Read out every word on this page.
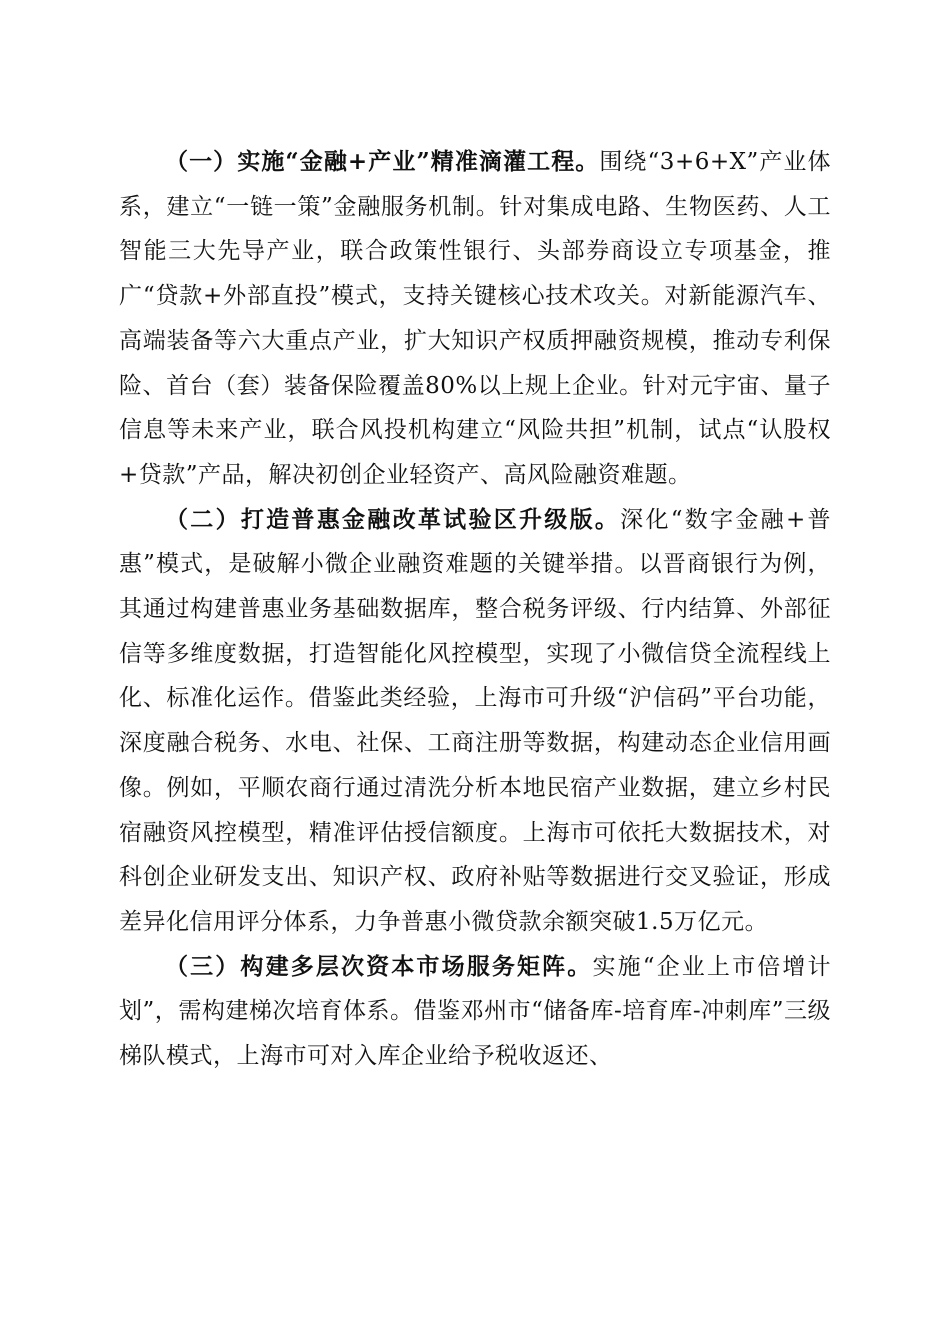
（一）实施“金融+产业”精准滴灌工程。围绕“3+6+X”产业体系，建立“一链一策”金融服务机制。针对集成电路、生物医药、人工智能三大先导产业，联合政策性银行、头部券商设立专项基金，推广“贷款+外部直投”模式，支持关键核心技术攻关。对新能源汽车、高端装备等六大重点产业，扩大知识产权质押融资规模，推动专利保险、首台（套）装备保险覆盖80%以上规上企业。针对元宇宙、量子信息等未来产业，联合风投机构建立“风险共担”机制，试点“认股权+贷款”产品，解决初创企业轻资产、高风险融资难题。

（二）打造普惠金融改革试验区升级版。深化“数字金融+普惠”模式，是破解小微企业融资难题的关键举措。以晋商银行为例，其通过构建普惠业务基础数据库，整合税务评级、行内结算、外部征信等多维度数据，打造智能化风控模型，实现了小微信贷全流程线上化、标准化运作。借鉴此类经验，上海市可升级“沪信码”平台功能，深度融合税务、水电、社保、工商注册等数据，构建动态企业信用画像。例如，平顺农商行通过清洗分析本地民宿产业数据，建立乡村民宿融资风控模型，精准评估授信额度。上海市可依托大数据技术，对科创企业研发支出、知识产权、政府补贴等数据进行交叉验证，形成差异化信用评分体系，力争普惠小微贷款余额突破1.5万亿元。

（三）构建多层次资本市场服务矩阵。实施“企业上市倍增计划”，需构建梯次培育体系。借鉴邓州市“储备库-培育库-冲刺库”三级梯队模式，上海市可对入库企业给予税收返还、
